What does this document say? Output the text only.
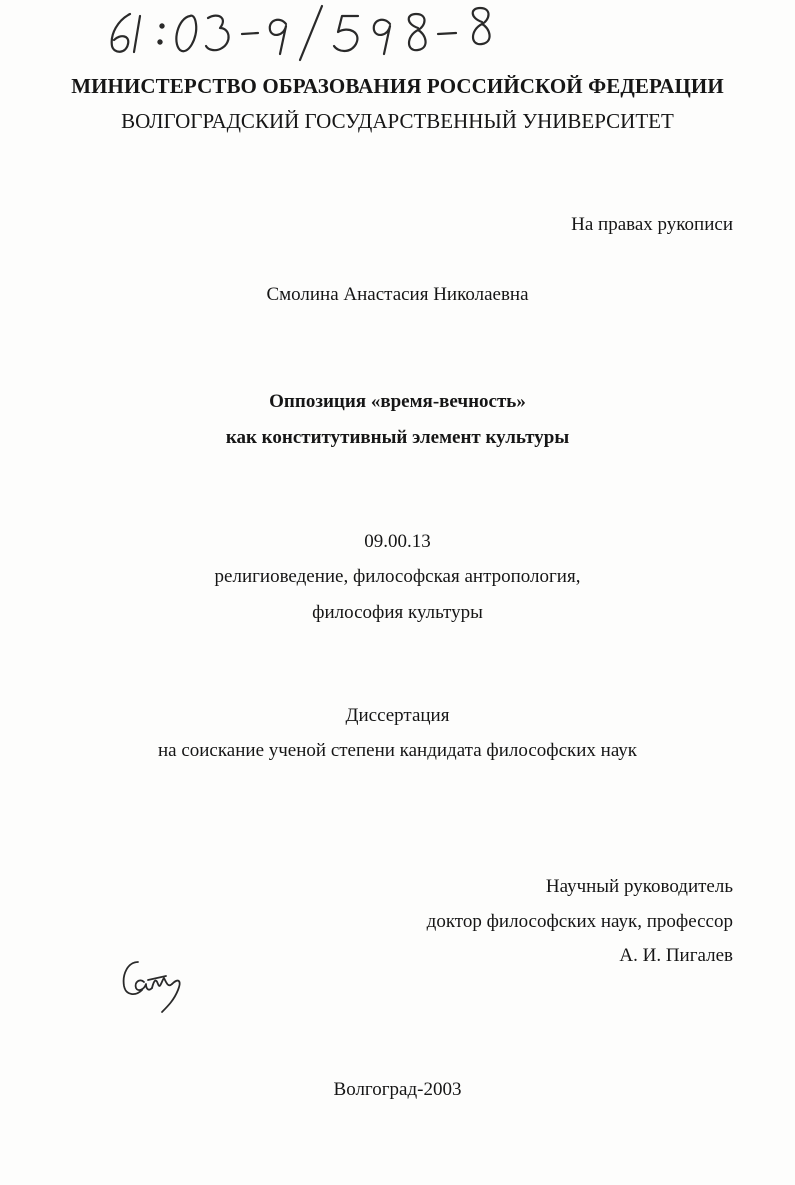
61:03-9/598-8
МИНИСТЕРСТВО ОБРАЗОВАНИЯ РОССИЙСКОЙ ФЕДЕРАЦИИ
ВОЛГОГРАДСКИЙ ГОСУДАРСТВЕННЫЙ УНИВЕРСИТЕТ
На правах рукописи
Смолина Анастасия Николаевна
Оппозиция «время-вечность»
как конститутивный элемент культуры
09.00.13
религиоведение, философская антропология,
философия культуры
Диссертация
на соискание ученой степени кандидата философских наук
Научный руководитель
доктор философских наук, профессор
А. И. Пигалев
Сем
Волгоград-2003
